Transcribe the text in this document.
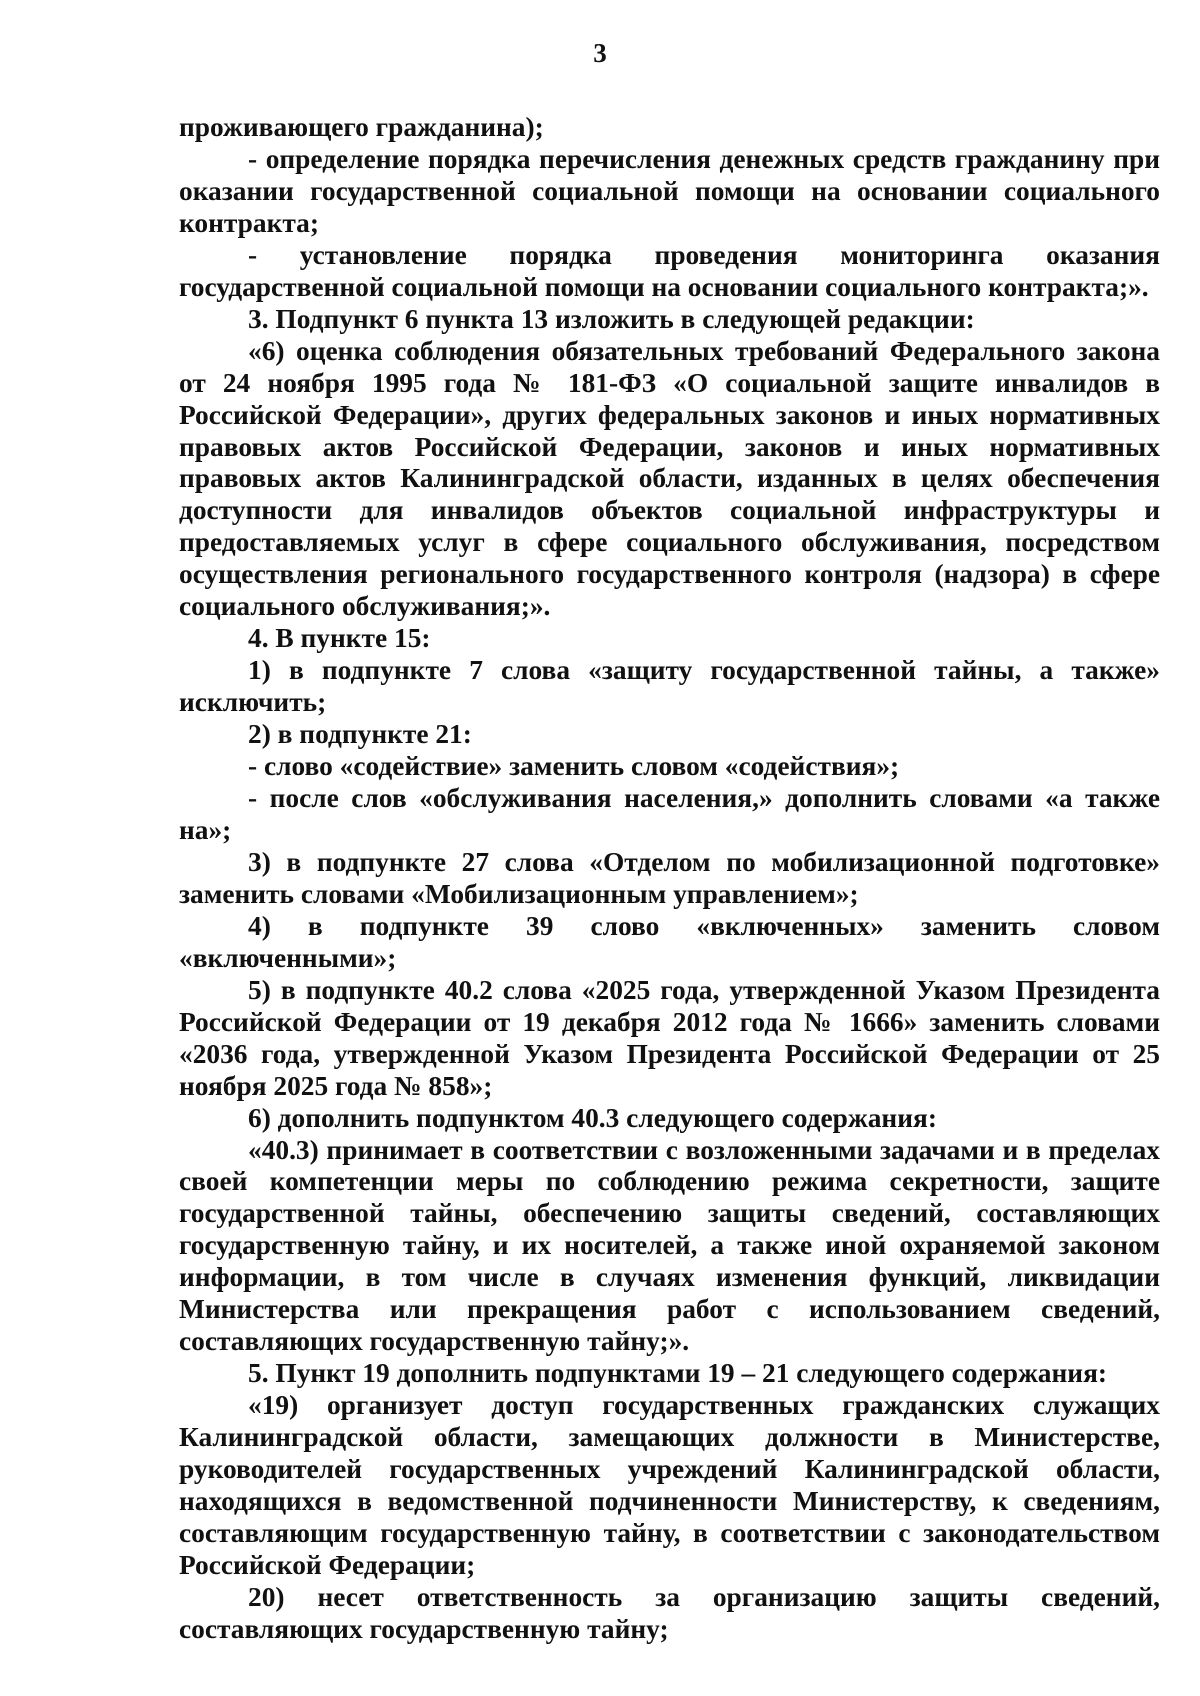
3

проживающего гражданина);

- определение порядка перечисления денежных средств гражданину при оказании государственной социальной помощи на основании социального контракта;

- установление порядка проведения мониторинга оказания государственной социальной помощи на основании социального контракта;».

3. Подпункт 6 пункта 13 изложить в следующей редакции:

«6) оценка соблюдения обязательных требований Федерального закона от 24 ноября 1995 года № 181-ФЗ «О социальной защите инвалидов в Российской Федерации», других федеральных законов и иных нормативных правовых актов Российской Федерации, законов и иных нормативных правовых актов Калининградской области, изданных в целях обеспечения доступности для инвалидов объектов социальной инфраструктуры и предоставляемых услуг в сфере социального обслуживания, посредством осуществления регионального государственного контроля (надзора) в сфере социального обслуживания;».

4. В пункте 15:

1) в подпункте 7 слова «защиту государственной тайны, а также» исключить;

2) в подпункте 21:

- слово «содействие» заменить словом «содействия»;

- после слов «обслуживания населения,» дополнить словами «а также на»;

3) в подпункте 27 слова «Отделом по мобилизационной подготовке» заменить словами «Мобилизационным управлением»;

4) в подпункте 39 слово «включенных» заменить словом «включенными»;

5) в подпункте 40.2 слова «2025 года, утвержденной Указом Президента Российской Федерации от 19 декабря 2012 года № 1666» заменить словами «2036 года, утвержденной Указом Президента Российской Федерации от 25 ноября 2025 года № 858»;

6) дополнить подпунктом 40.3 следующего содержания:

«40.3) принимает в соответствии с возложенными задачами и в пределах своей компетенции меры по соблюдению режима секретности, защите государственной тайны, обеспечению защиты сведений, составляющих государственную тайну, и их носителей, а также иной охраняемой законом информации, в том числе в случаях изменения функций, ликвидации Министерства или прекращения работ с использованием сведений, составляющих государственную тайну;».

5. Пункт 19 дополнить подпунктами 19 – 21 следующего содержания:

«19) организует доступ государственных гражданских служащих Калининградской области, замещающих должности в Министерстве, руководителей государственных учреждений Калининградской области, находящихся в ведомственной подчиненности Министерству, к сведениям, составляющим государственную тайну, в соответствии с законодательством Российской Федерации;

20) несет ответственность за организацию защиты сведений, составляющих государственную тайну;
